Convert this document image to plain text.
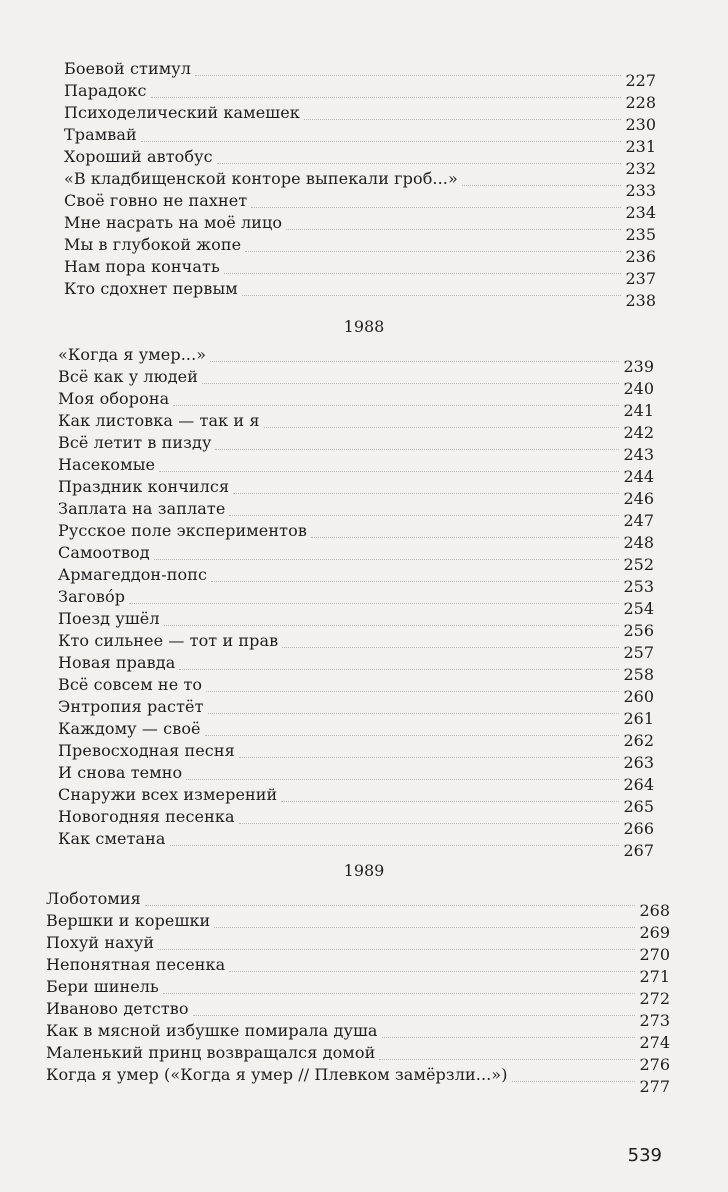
Боевой стимул
227
Парадокс
228
Психоделический камешек
230
Трамвай
231
Хороший автобус
232
«В кладбищенской конторе выпекали гроб...»
233
Своё говно не пахнет
234
Мне насрать на моё лицо
235
Мы в глубокой жопе
236
Нам пора кончать
237
Кто сдохнет первым
238
1988
«Когда я умер...»
239
Всё как у людей
240
Моя оборона
241
Как листовка — так и я
242
Всё летит в пизду
243
Насекомые
244
Праздник кончился
246
Заплата на заплате
247
Русское поле экспериментов
248
Самоотвод
252
Армагеддон-попс
253
Заговóр
254
Поезд ушёл
256
Кто сильнее — тот и прав
257
Новая правда
258
Всё совсем не то
260
Энтропия растёт
261
Каждому — своё
262
Превосходная песня
263
И снова темно
264
Снаружи всех измерений
265
Новогодняя песенка
266
Как сметана
267
1989
Лоботомия
268
Вершки и корешки
269
Похуй нахуй
270
Непонятная песенка
271
Бери шинель
272
Иваново детство
273
Как в мясной избушке помирала душа
274
Маленький принц возвращался домой
276
Когда я умер («Когда я умер // Плевком замёрзли...»)
277
539
